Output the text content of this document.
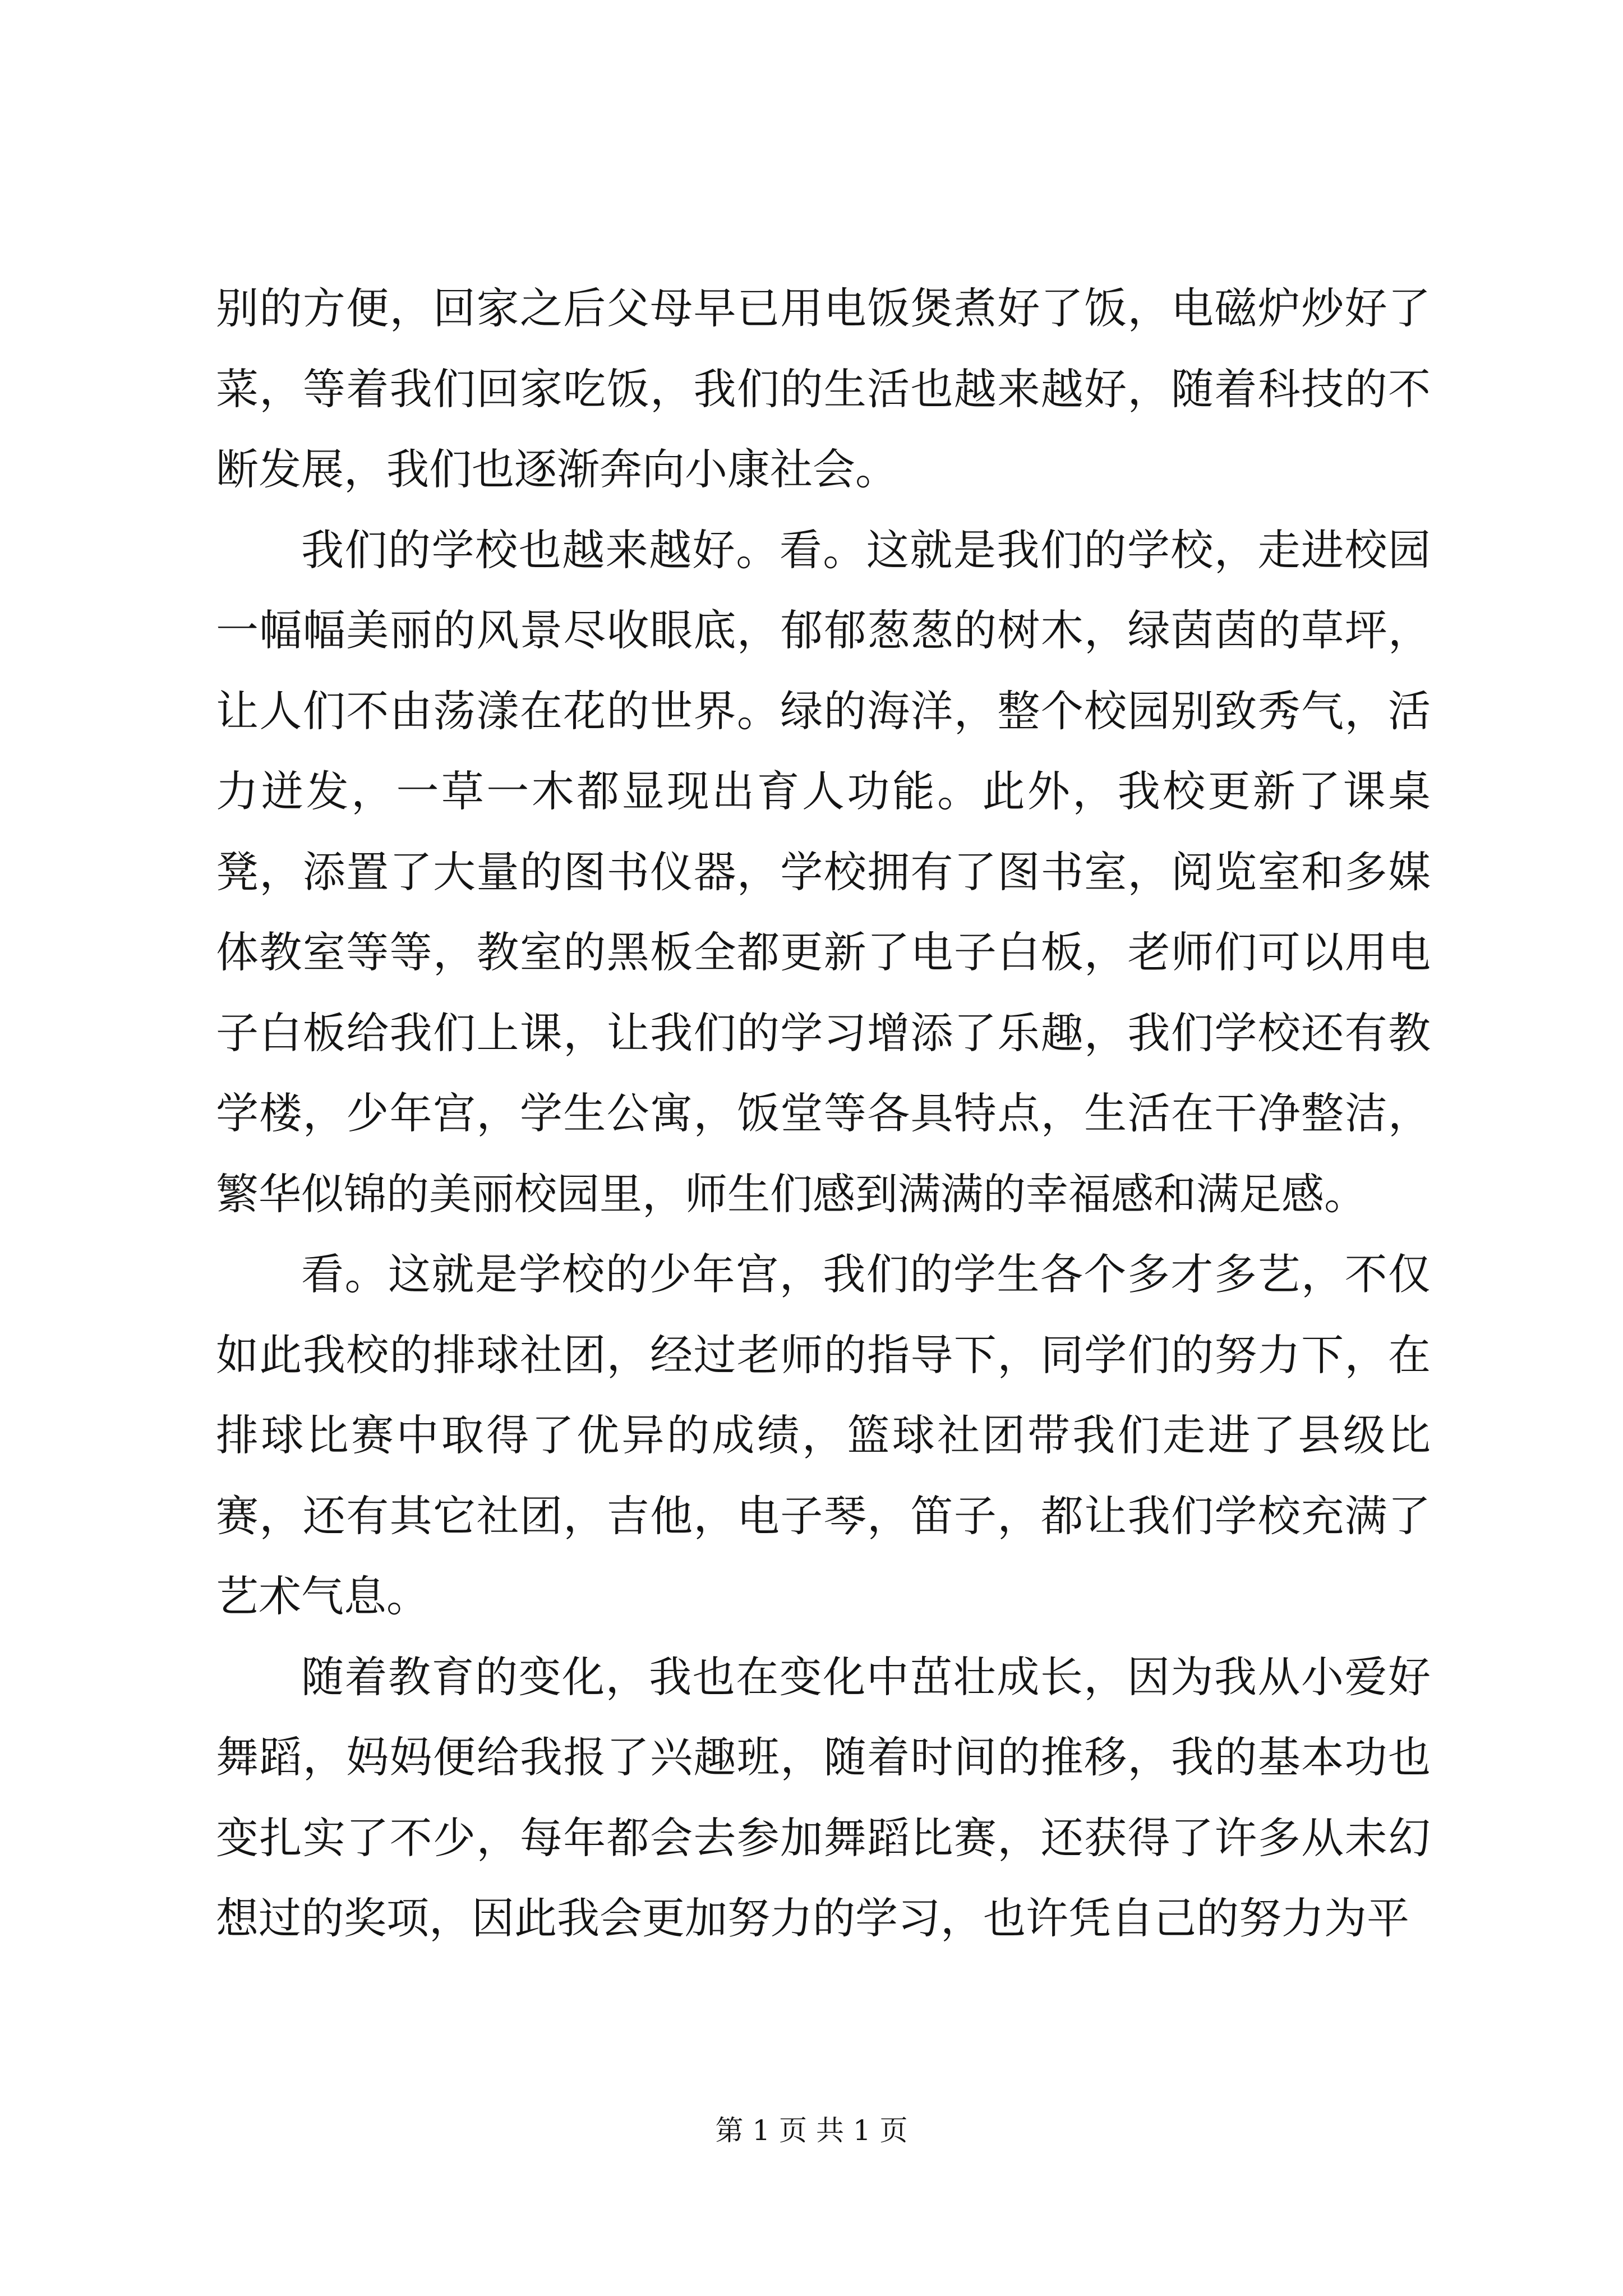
别的方便，回家之后父母早已用电饭煲煮好了饭，电磁炉炒好了菜，等着我们回家吃饭，我们的生活也越来越好，随着科技的不断发展，我们也逐渐奔向小康社会。

我们的学校也越来越好。看。这就是我们的学校，走进校园一幅幅美丽的风景尽收眼底，郁郁葱葱的树木，绿茵茵的草坪，让人们不由荡漾在花的世界。绿的海洋，整个校园别致秀气，活力迸发，一草一木都显现出育人功能。此外，我校更新了课桌凳，添置了大量的图书仪器，学校拥有了图书室，阅览室和多媒体教室等等，教室的黑板全都更新了电子白板，老师们可以用电子白板给我们上课，让我们的学习增添了乐趣，我们学校还有教学楼，少年宫，学生公寓，饭堂等各具特点，生活在干净整洁，繁华似锦的美丽校园里，师生们感到满满的幸福感和满足感。

看。这就是学校的少年宫，我们的学生各个多才多艺，不仅如此我校的排球社团，经过老师的指导下，同学们的努力下，在排球比赛中取得了优异的成绩，篮球社团带我们走进了县级比赛，还有其它社团，吉他，电子琴，笛子，都让我们学校充满了艺术气息。

随着教育的变化，我也在变化中茁壮成长，因为我从小爱好舞蹈，妈妈便给我报了兴趣班，随着时间的推移，我的基本功也变扎实了不少，每年都会去参加舞蹈比赛，还获得了许多从未幻想过的奖项，因此我会更加努力的学习，也许凭自己的努力为平

第 1 页 共 1 页
